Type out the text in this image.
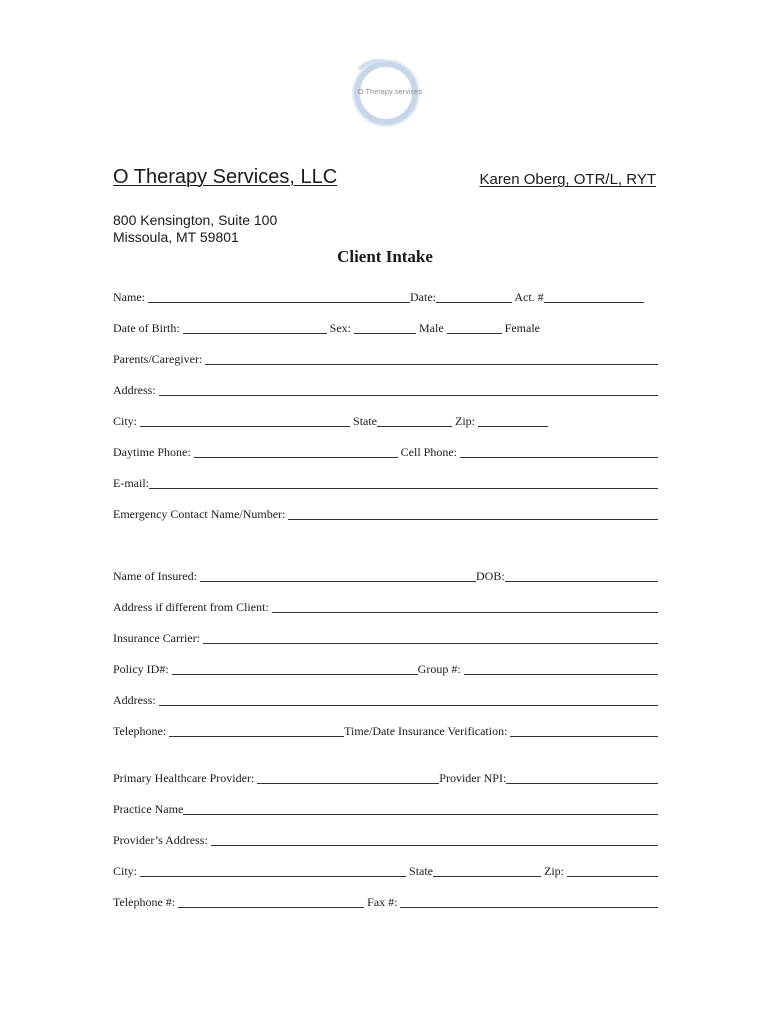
O Therapy services
O Therapy Services, LLC	Karen Oberg, OTR/L, RYT
800 Kensington, Suite 100
Missoula, MT 59801
Client Intake
Name:	Date:	Act. #
Date of Birth:	Sex:	Male	Female
Parents/Caregiver:
Address:
City:	State	Zip:
Daytime Phone:	Cell Phone:
E-mail:
Emergency Contact Name/Number:
Name of Insured:	DOB:
Address if different from Client:
Insurance Carrier:
Policy ID#:	Group #:
Address:
Telephone:	Time/Date Insurance Verification:
Primary Healthcare Provider:	Provider NPI:
Practice Name
Provider’s Address:
City:	State	Zip:
Telephone #:	Fax #:
